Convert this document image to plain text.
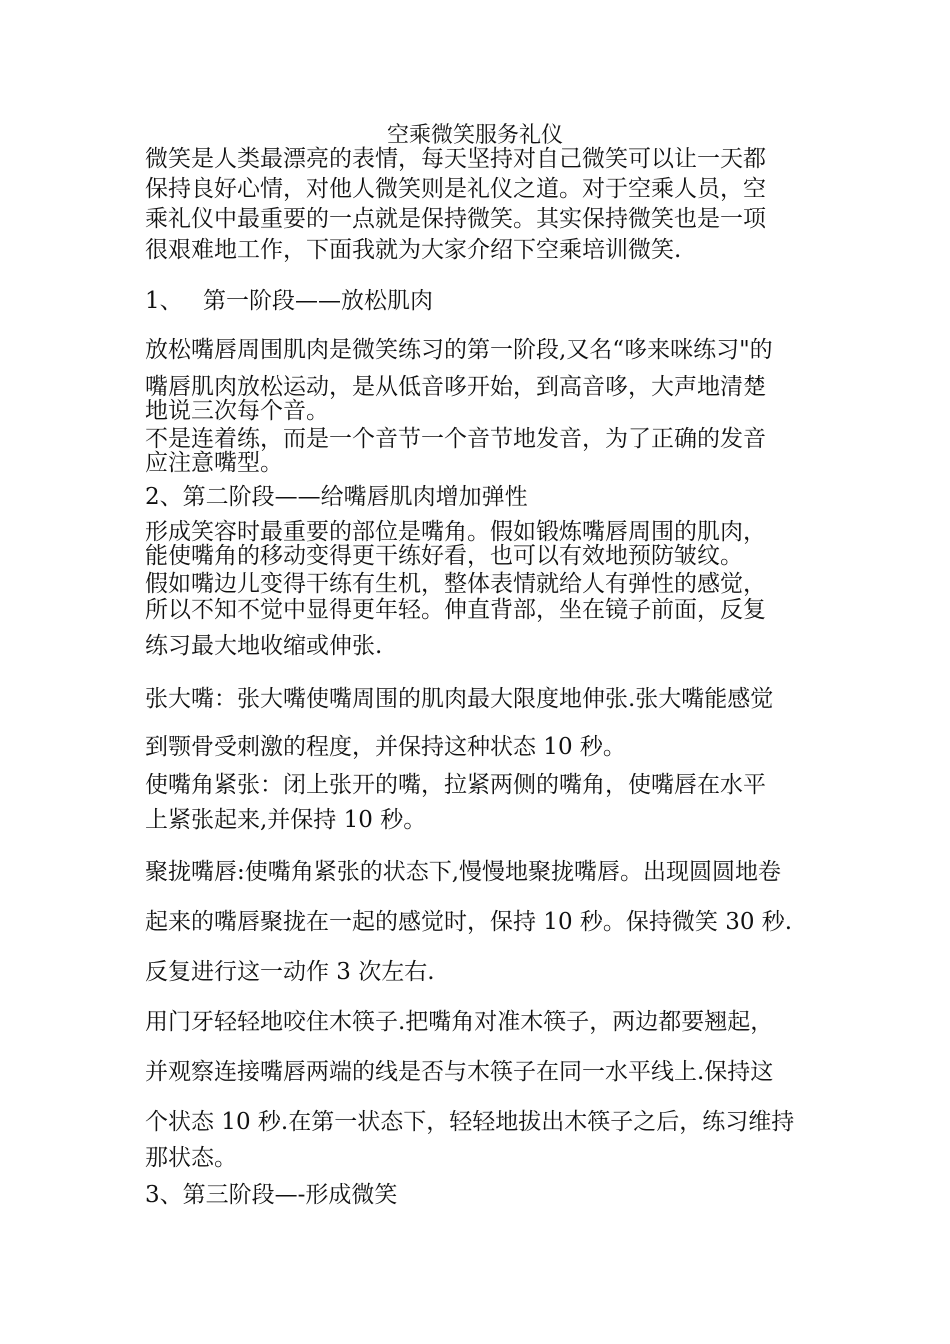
空乘微笑服务礼仪
微笑是人类最漂亮的表情，每天坚持对自己微笑可以让一天都
保持良好心情，对他人微笑则是礼仪之道。对于空乘人员，空
乘礼仪中最重要的一点就是保持微笑。其实保持微笑也是一项
很艰难地工作，下面我就为大家介绍下空乘培训微笑.
1、 第一阶段——放松肌肉
放松嘴唇周围肌肉是微笑练习的第一阶段,又名“哆来咪练习"的
嘴唇肌肉放松运动，是从低音哆开始，到高音哆，大声地清楚
地说三次每个音。
不是连着练，而是一个音节一个音节地发音，为了正确的发音
应注意嘴型。
2、第二阶段——给嘴唇肌肉增加弹性
形成笑容时最重要的部位是嘴角。假如锻炼嘴唇周围的肌肉，
能使嘴角的移动变得更干练好看，也可以有效地预防皱纹。
假如嘴边儿变得干练有生机，整体表情就给人有弹性的感觉，
所以不知不觉中显得更年轻。伸直背部，坐在镜子前面，反复
练习最大地收缩或伸张.
张大嘴：张大嘴使嘴周围的肌肉最大限度地伸张.张大嘴能感觉
到颚骨受刺激的程度，并保持这种状态 10 秒。
使嘴角紧张：闭上张开的嘴，拉紧两侧的嘴角，使嘴唇在水平
上紧张起来,并保持 10 秒。
聚拢嘴唇:使嘴角紧张的状态下,慢慢地聚拢嘴唇。出现圆圆地卷
起来的嘴唇聚拢在一起的感觉时，保持 10 秒。保持微笑 30 秒.
反复进行这一动作 3 次左右.
用门牙轻轻地咬住木筷子.把嘴角对准木筷子，两边都要翘起，
并观察连接嘴唇两端的线是否与木筷子在同一水平线上.保持这
个状态 10 秒.在第一状态下，轻轻地拔出木筷子之后，练习维持
那状态。
3、第三阶段—-形成微笑
